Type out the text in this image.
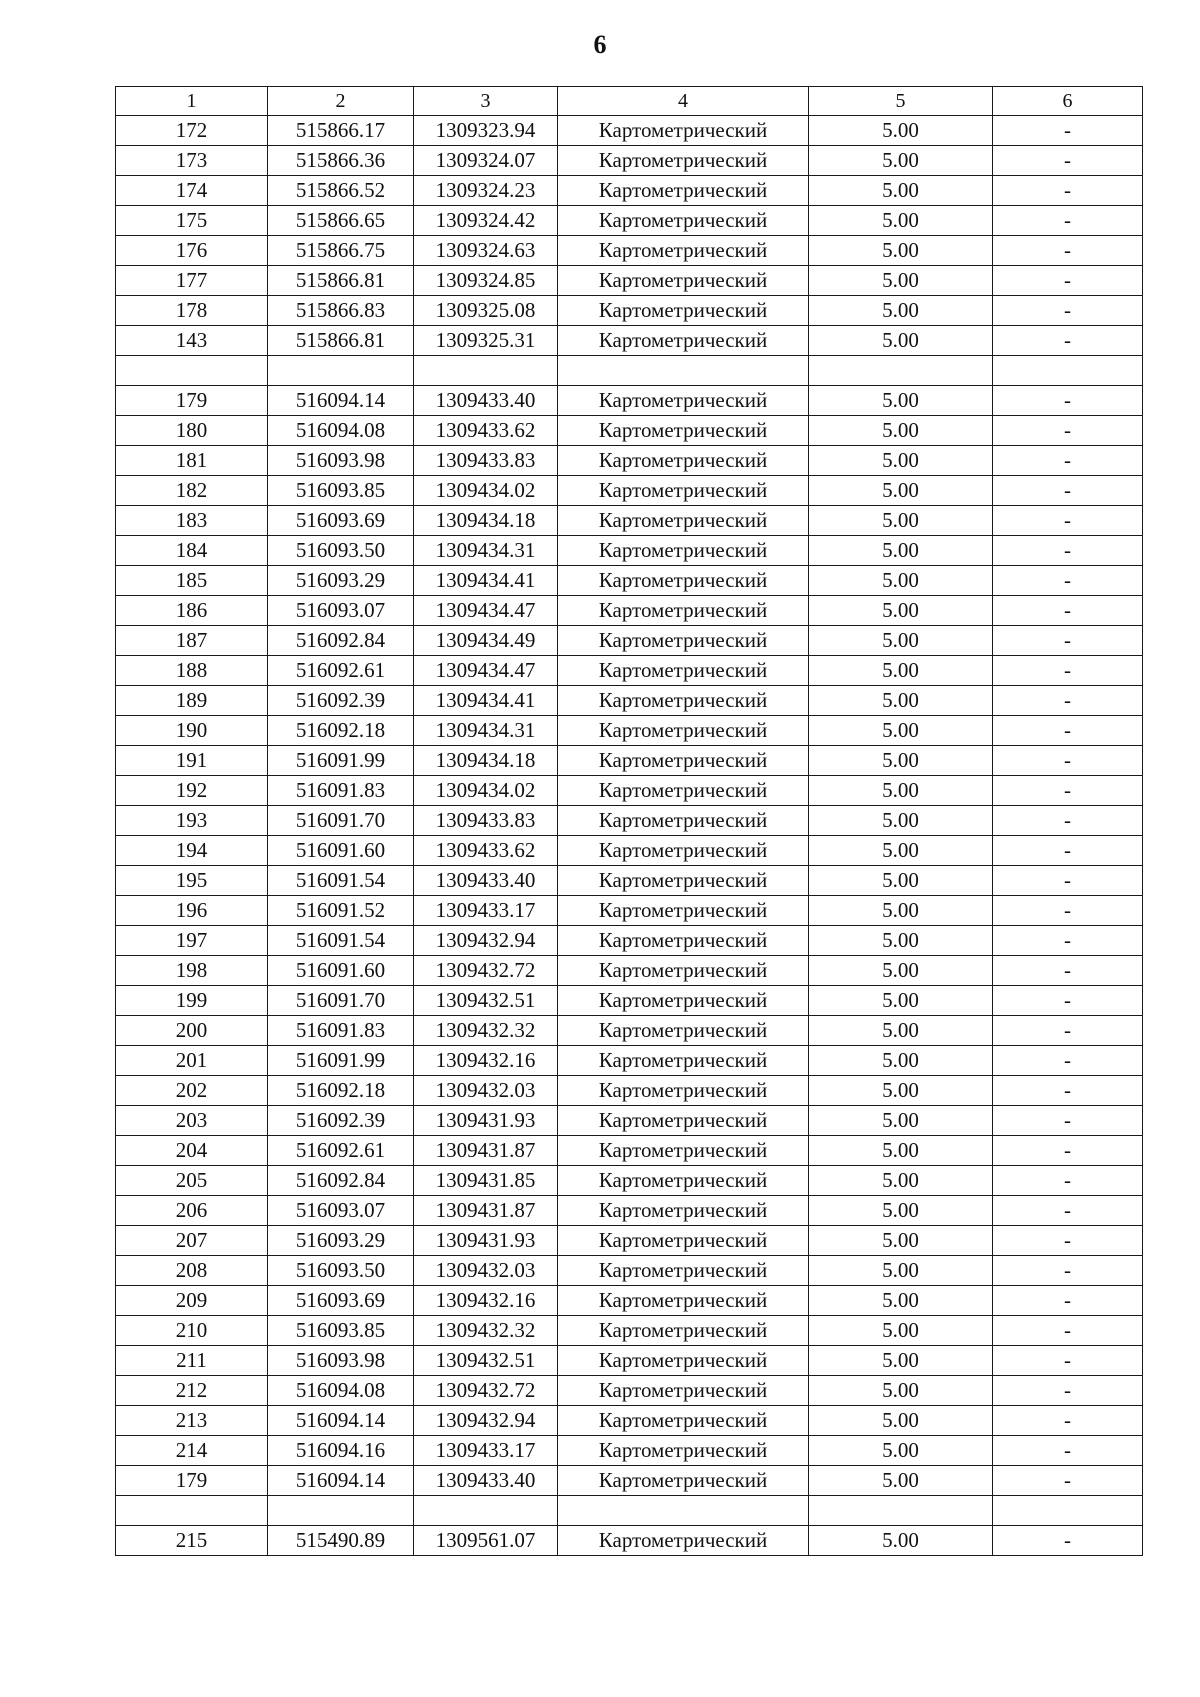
6
1	2	3	4	5	6
172	515866.17	1309323.94	Картометрический	5.00	-
173	515866.36	1309324.07	Картометрический	5.00	-
174	515866.52	1309324.23	Картометрический	5.00	-
175	515866.65	1309324.42	Картометрический	5.00	-
176	515866.75	1309324.63	Картометрический	5.00	-
177	515866.81	1309324.85	Картометрический	5.00	-
178	515866.83	1309325.08	Картометрический	5.00	-
143	515866.81	1309325.31	Картометрический	5.00	-

179	516094.14	1309433.40	Картометрический	5.00	-
180	516094.08	1309433.62	Картометрический	5.00	-
181	516093.98	1309433.83	Картометрический	5.00	-
182	516093.85	1309434.02	Картометрический	5.00	-
183	516093.69	1309434.18	Картометрический	5.00	-
184	516093.50	1309434.31	Картометрический	5.00	-
185	516093.29	1309434.41	Картометрический	5.00	-
186	516093.07	1309434.47	Картометрический	5.00	-
187	516092.84	1309434.49	Картометрический	5.00	-
188	516092.61	1309434.47	Картометрический	5.00	-
189	516092.39	1309434.41	Картометрический	5.00	-
190	516092.18	1309434.31	Картометрический	5.00	-
191	516091.99	1309434.18	Картометрический	5.00	-
192	516091.83	1309434.02	Картометрический	5.00	-
193	516091.70	1309433.83	Картометрический	5.00	-
194	516091.60	1309433.62	Картометрический	5.00	-
195	516091.54	1309433.40	Картометрический	5.00	-
196	516091.52	1309433.17	Картометрический	5.00	-
197	516091.54	1309432.94	Картометрический	5.00	-
198	516091.60	1309432.72	Картометрический	5.00	-
199	516091.70	1309432.51	Картометрический	5.00	-
200	516091.83	1309432.32	Картометрический	5.00	-
201	516091.99	1309432.16	Картометрический	5.00	-
202	516092.18	1309432.03	Картометрический	5.00	-
203	516092.39	1309431.93	Картометрический	5.00	-
204	516092.61	1309431.87	Картометрический	5.00	-
205	516092.84	1309431.85	Картометрический	5.00	-
206	516093.07	1309431.87	Картометрический	5.00	-
207	516093.29	1309431.93	Картометрический	5.00	-
208	516093.50	1309432.03	Картометрический	5.00	-
209	516093.69	1309432.16	Картометрический	5.00	-
210	516093.85	1309432.32	Картометрический	5.00	-
211	516093.98	1309432.51	Картометрический	5.00	-
212	516094.08	1309432.72	Картометрический	5.00	-
213	516094.14	1309432.94	Картометрический	5.00	-
214	516094.16	1309433.17	Картометрический	5.00	-
179	516094.14	1309433.40	Картометрический	5.00	-

215	515490.89	1309561.07	Картометрический	5.00	-
